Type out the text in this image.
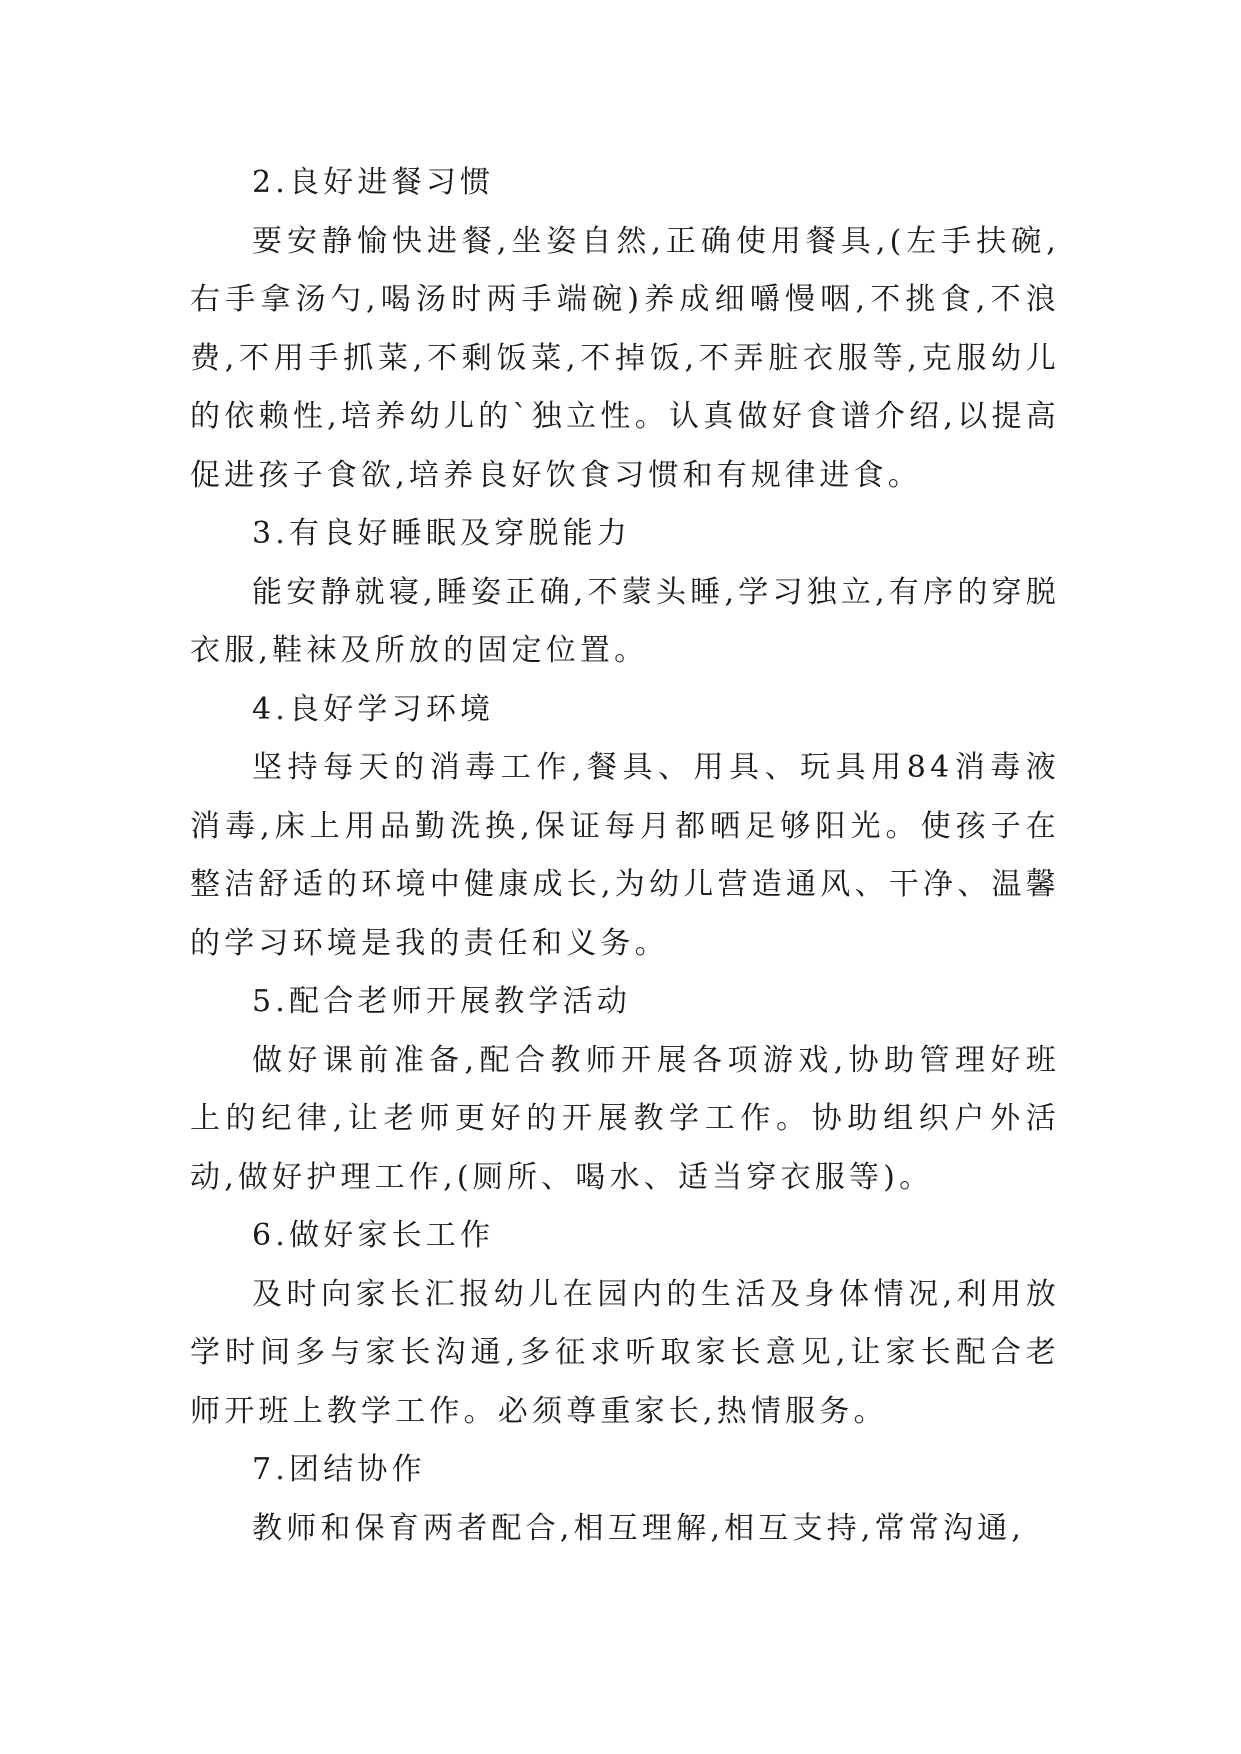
2.良好进餐习惯

要安静愉快进餐,坐姿自然,正确使用餐具,(左手扶碗,右手拿汤勺,喝汤时两手端碗)养成细嚼慢咽,不挑食,不浪费,不用手抓菜,不剩饭菜,不掉饭,不弄脏衣服等,克服幼儿的依赖性,培养幼儿的`独立性。认真做好食谱介绍,以提高促进孩子食欲,培养良好饮食习惯和有规律进食。

3.有良好睡眠及穿脱能力

能安静就寝,睡姿正确,不蒙头睡,学习独立,有序的穿脱衣服,鞋袜及所放的固定位置。

4.良好学习环境

坚持每天的消毒工作,餐具、用具、玩具用84消毒液消毒,床上用品勤洗换,保证每月都晒足够阳光。使孩子在整洁舒适的环境中健康成长,为幼儿营造通风、干净、温馨的学习环境是我的责任和义务。

5.配合老师开展教学活动

做好课前准备,配合教师开展各项游戏,协助管理好班上的纪律,让老师更好的开展教学工作。协助组织户外活动,做好护理工作,(厕所、喝水、适当穿衣服等)。

6.做好家长工作

及时向家长汇报幼儿在园内的生活及身体情况,利用放学时间多与家长沟通,多征求听取家长意见,让家长配合老师开班上教学工作。必须尊重家长,热情服务。

7.团结协作

教师和保育两者配合,相互理解,相互支持,常常沟通,
